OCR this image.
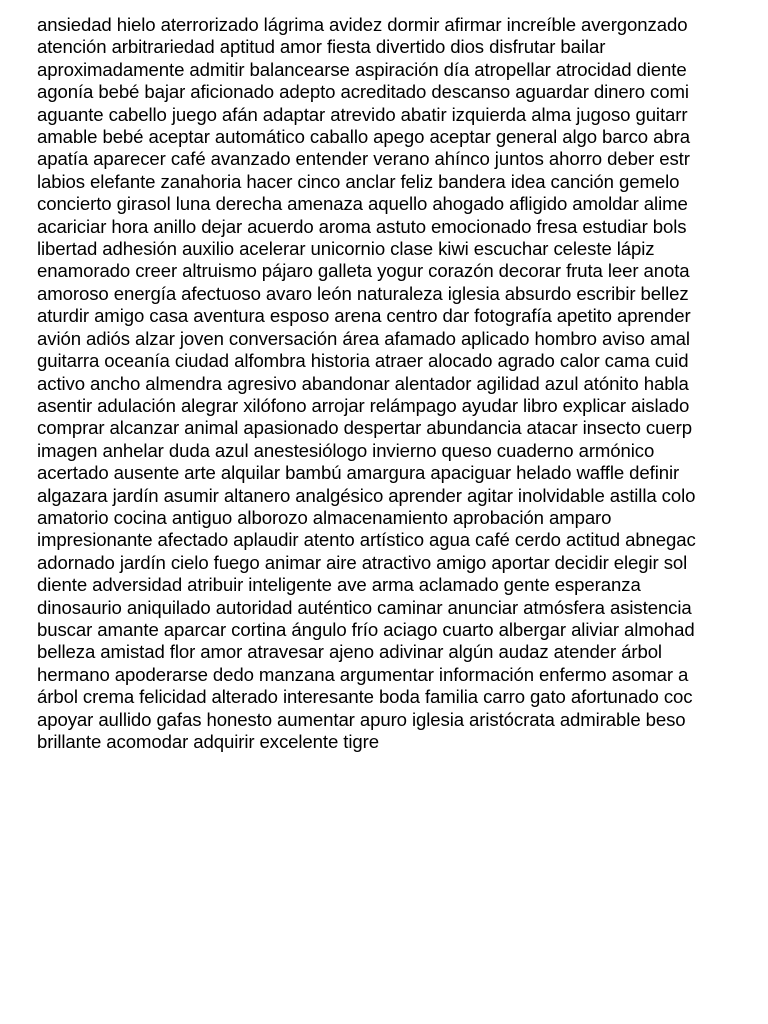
ansiedad hielo aterrorizado lágrima avidez dormir afirmar increíble avergonzado
atención arbitrariedad aptitud amor fiesta divertido dios disfrutar bailar
aproximadamente admitir balancearse aspiración día atropellar atrocidad diente
agonía bebé bajar aficionado adepto acreditado descanso aguardar dinero comi
aguante cabello juego afán adaptar atrevido abatir izquierda alma jugoso guitarr
amable bebé aceptar automático caballo apego aceptar general algo barco abra
apatía aparecer café avanzado entender verano ahínco juntos ahorro deber estr
labios elefante zanahoria hacer cinco anclar feliz bandera idea canción gemelo
concierto girasol luna derecha amenaza aquello ahogado afligido amoldar alime
acariciar hora anillo dejar acuerdo aroma astuto emocionado fresa estudiar bols
libertad adhesión auxilio acelerar unicornio clase kiwi escuchar celeste lápiz
enamorado creer altruismo pájaro galleta yogur corazón decorar fruta leer anota
amoroso energía afectuoso avaro león naturaleza iglesia absurdo escribir bellez
aturdir amigo casa aventura esposo arena centro dar fotografía apetito aprender
avión adiós alzar joven conversación área afamado aplicado hombro aviso amal
guitarra oceanía ciudad alfombra historia atraer alocado agrado calor cama cuid
activo ancho almendra agresivo abandonar alentador agilidad azul atónito habla
asentir adulación alegrar xilófono arrojar relámpago ayudar libro explicar aislado
comprar alcanzar animal apasionado despertar abundancia atacar insecto cuerp
imagen anhelar duda azul anestesiólogo invierno queso cuaderno armónico
acertado ausente arte alquilar bambú amargura apaciguar helado waffle definir
algazara jardín asumir altanero analgésico aprender agitar inolvidable astilla colo
amatorio cocina antiguo alborozo almacenamiento aprobación amparo
impresionante afectado aplaudir atento artístico agua café cerdo actitud abnegac
adornado jardín cielo fuego animar aire atractivo amigo aportar decidir elegir sol
diente adversidad atribuir inteligente ave arma aclamado gente esperanza
dinosaurio aniquilado autoridad auténtico caminar anunciar atmósfera asistencia
buscar amante aparcar cortina ángulo frío aciago cuarto albergar aliviar almohad
belleza amistad flor amor atravesar ajeno adivinar algún audaz atender árbol
hermano apoderarse dedo manzana argumentar información enfermo asomar a
árbol crema felicidad alterado interesante boda familia carro gato afortunado coc
apoyar aullido gafas honesto aumentar apuro iglesia aristócrata admirable beso
brillante acomodar adquirir excelente tigre
